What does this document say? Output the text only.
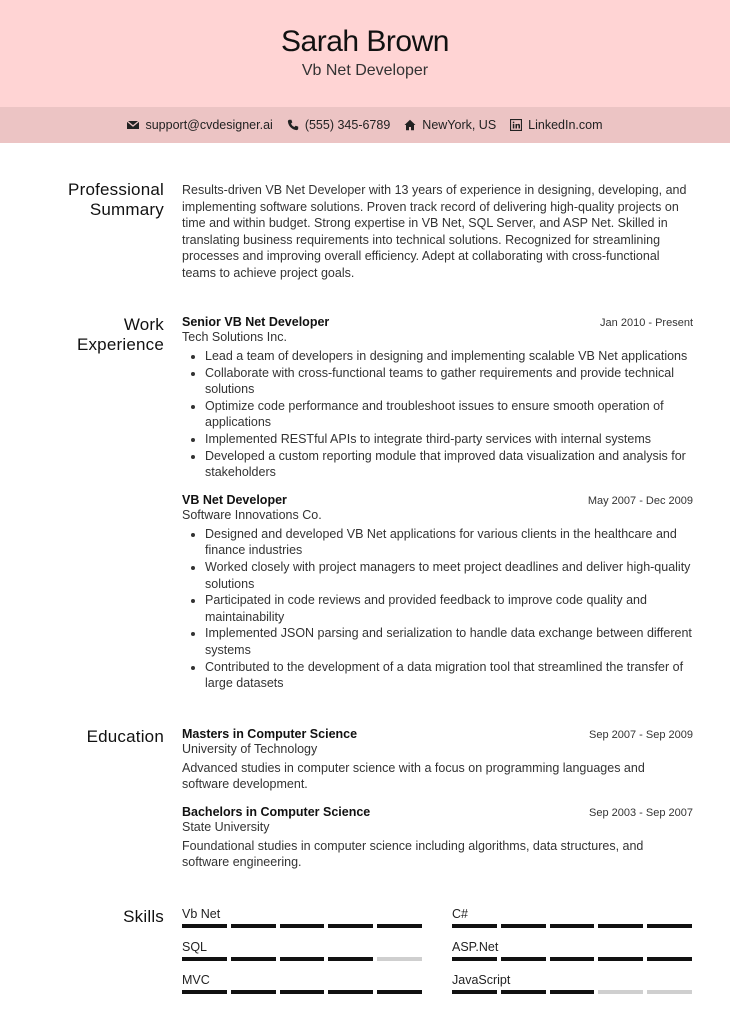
Sarah Brown
Vb Net Developer
support@cvdesigner.ai	(555) 345-6789	NewYork, US	LinkedIn.com
Professional
Summary
Results-driven VB Net Developer with 13 years of experience in designing, developing, and implementing software solutions. Proven track record of delivering high-quality projects on time and within budget. Strong expertise in VB Net, SQL Server, and ASP Net. Skilled in translating business requirements into technical solutions. Recognized for streamlining processes and improving overall efficiency. Adept at collaborating with cross-functional teams to achieve project goals.
Work
Experience
Senior VB Net Developer	Jan 2010 - Present
Tech Solutions Inc.
• Lead a team of developers in designing and implementing scalable VB Net applications
• Collaborate with cross-functional teams to gather requirements and provide technical solutions
• Optimize code performance and troubleshoot issues to ensure smooth operation of applications
• Implemented RESTful APIs to integrate third-party services with internal systems
• Developed a custom reporting module that improved data visualization and analysis for stakeholders
VB Net Developer	May 2007 - Dec 2009
Software Innovations Co.
• Designed and developed VB Net applications for various clients in the healthcare and finance industries
• Worked closely with project managers to meet project deadlines and deliver high-quality solutions
• Participated in code reviews and provided feedback to improve code quality and maintainability
• Implemented JSON parsing and serialization to handle data exchange between different systems
• Contributed to the development of a data migration tool that streamlined the transfer of large datasets
Education Masters in Computer Science	Sep 2007 - Sep 2009
University of Technology
Advanced studies in computer science with a focus on programming languages and software development.
Bachelors in Computer Science	Sep 2003 - Sep 2007
State University
Foundational studies in computer science including algorithms, data structures, and software engineering.
Skills Vb Net	C#
SQL	ASP.Net
MVC	JavaScript
